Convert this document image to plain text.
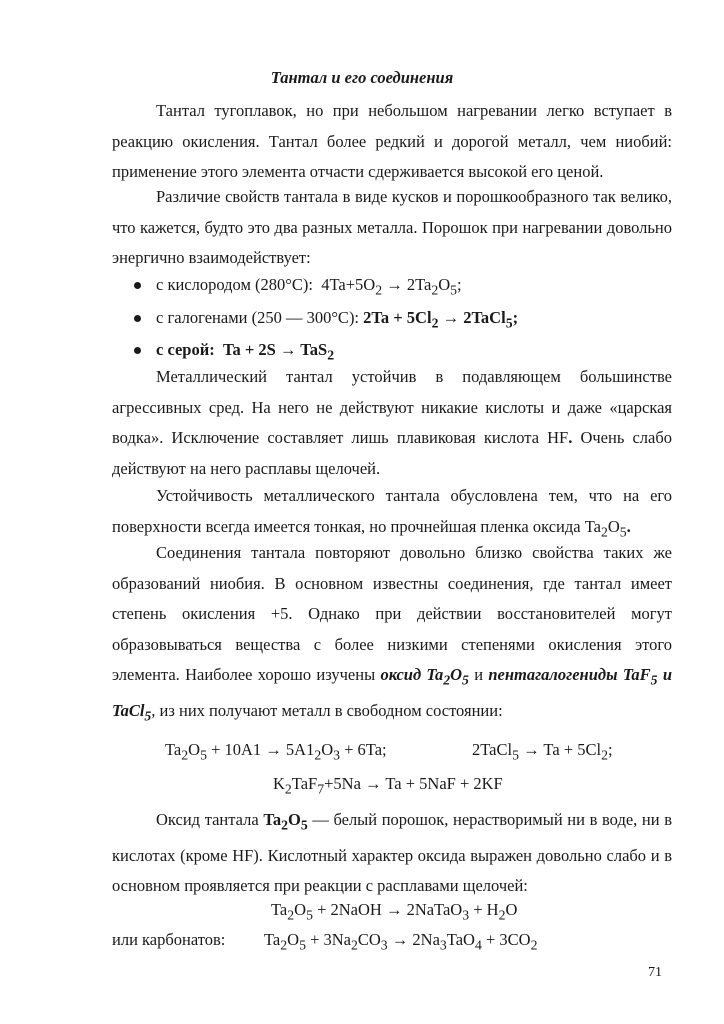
Тантал и его соединения

Тантал тугоплавок, но при небольшом нагревании легко вступает в реакцию окисления. Тантал более редкий и дорогой металл, чем ниобий: применение этого элемента отчасти сдерживается высокой его ценой.

Различие свойств тантала в виде кусков и порошкообразного так велико, что кажется, будто это два разных металла. Порошок при нагревании довольно энергично взаимодействует:

с кислородом (280°С): $4Ta+5O_2 \to 2Ta_2O_5$;
с галогенами (250 — 300°С): $2Ta + 5Cl_2$ → 2TaCl$_5$;
с серой: Ta + 2S → TaS$_2$

Металлический тантал устойчив в подавляющем большинстве агрессивных сред. На него не действуют никакие кислоты и даже «царская водка». Исключение составляет лишь плавиковая кислота HF. Очень слабо действуют на него расплавы щелочей.

Устойчивость металлического тантала обусловлена тем, что на его поверхности всегда имеется тонкая, но прочнейшая пленка оксида $Ta_2O_5$.

Соединения тантала повторяют довольно близко свойства таких же образований ниобия. В основном известны соединения, где тантал имеет степень окисления +5. Однако при действии восстановителей могут образовываться вещества с более низкими степенями окисления этого элемента. Наиболее хорошо изучены оксид $Ta_2O_5$ и пентагалогениды TaF$_5$ и TaCl$_5$, из них получают металл в свободном состоянии:

$Ta_2O_5 + 10A1 \to 5A1_2O_3 + 6Ta$;	2TaCl$_5$ → $Ta + 5Cl_2$;

$K_2TaF_7+5Na \to Ta + 5NaF + 2KF$

Оксид тантала $Ta_2O_5$ — белый порошок, нерастворимый ни в воде, ни в кислотах (кроме HF). Кислотный характер оксида выражен довольно слабо и в основном проявляется при реакции с расплавами щелочей:

$Ta_2O_5$ + 2NaOH → 2NaTaO$_3$ + $H_2O$

или карбонатов: $Ta_2O_5 + 3Na_2CO_3 \to 2Na_3TaO_4 + 3CO_2$

71
